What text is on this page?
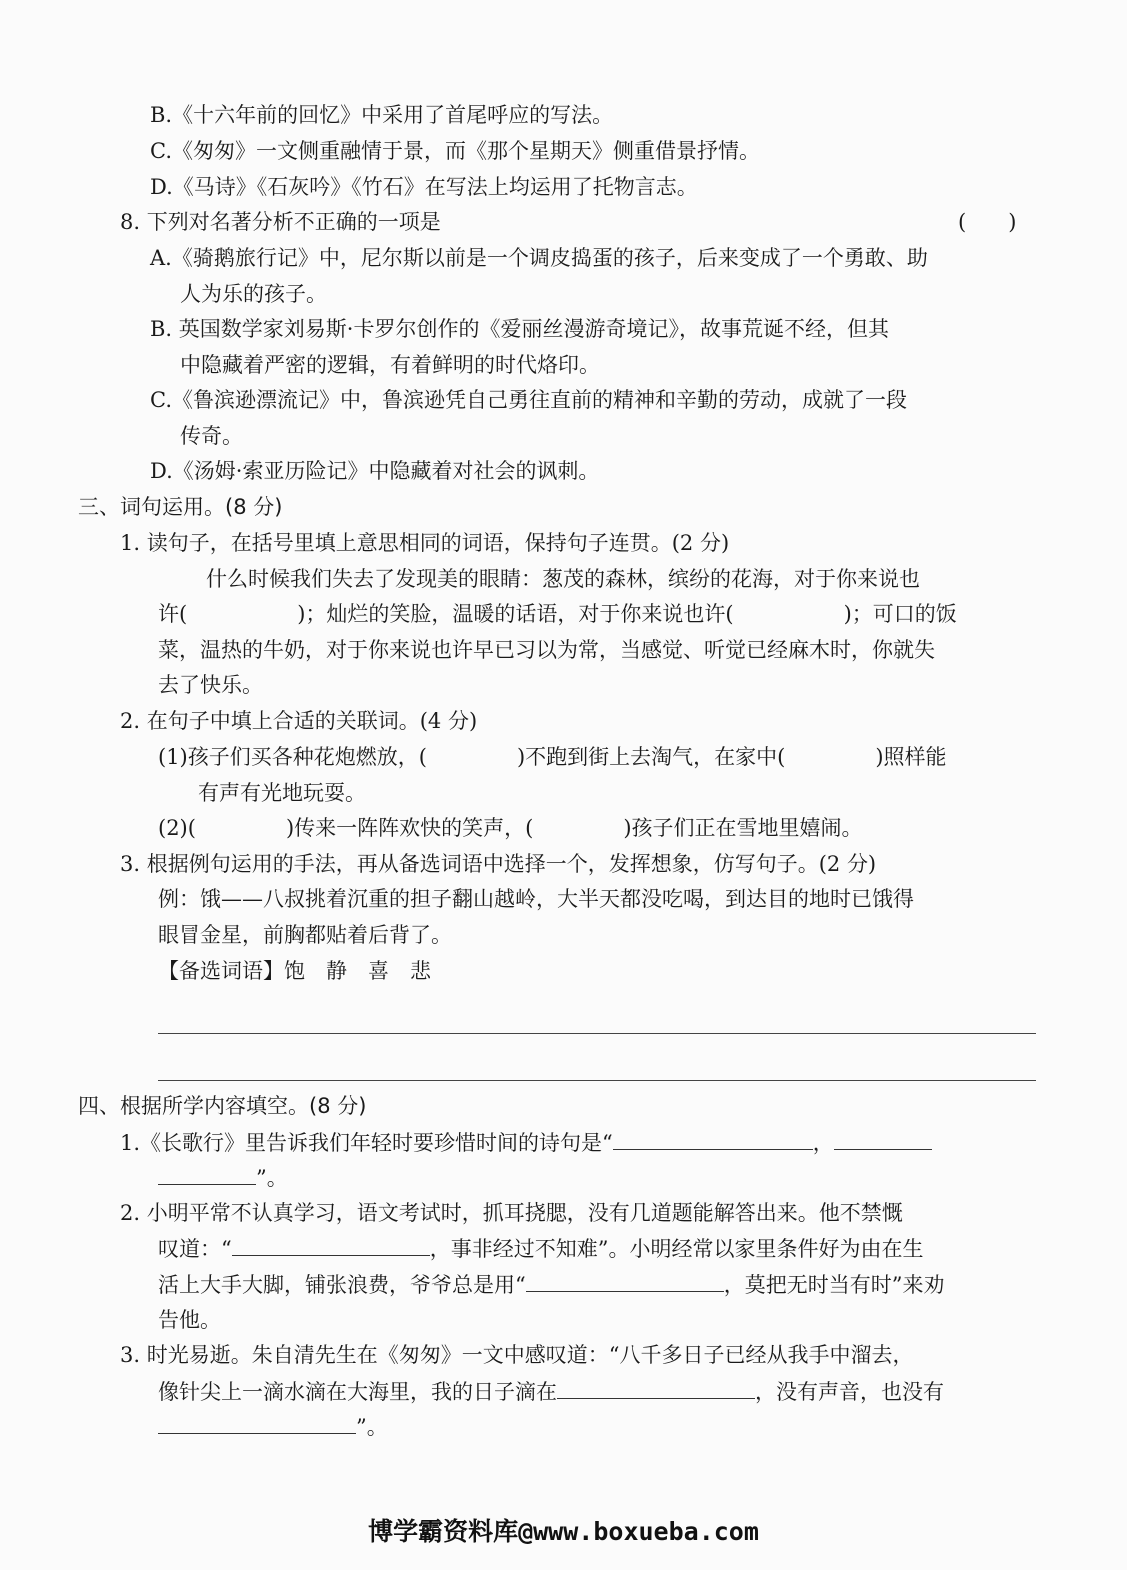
B.《十六年前的回忆》中采用了首尾呼应的写法。
C.《匆匆》一文侧重融情于景，而《那个星期天》侧重借景抒情。
D.《马诗》《石灰吟》《竹石》在写法上均运用了托物言志。
8. 下列对名著分析不正确的一项是	(　　)
A.《骑鹅旅行记》中，尼尔斯以前是一个调皮捣蛋的孩子，后来变成了一个勇敢、助
人为乐的孩子。
B. 英国数学家刘易斯·卡罗尔创作的《爱丽丝漫游奇境记》，故事荒诞不经，但其
中隐藏着严密的逻辑，有着鲜明的时代烙印。
C.《鲁滨逊漂流记》中，鲁滨逊凭自己勇往直前的精神和辛勤的劳动，成就了一段
传奇。
D.《汤姆·索亚历险记》中隐藏着对社会的讽刺。
三、词句运用。(8 分)
1. 读句子，在括号里填上意思相同的词语，保持句子连贯。(2 分)
什么时候我们失去了发现美的眼睛：葱茂的森林，缤纷的花海，对于你来说也
许(	)；灿烂的笑脸，温暖的话语，对于你来说也许(	)；可口的饭
菜，温热的牛奶，对于你来说也许早已习以为常，当感觉、听觉已经麻木时，你就失
去了快乐。
2. 在句子中填上合适的关联词。(4 分)
(1)孩子们买各种花炮燃放，(	)不跑到街上去淘气，在家中(	)照样能
有声有光地玩耍。
(2)(	)传来一阵阵欢快的笑声，(	)孩子们正在雪地里嬉闹。
3. 根据例句运用的手法，再从备选词语中选择一个，发挥想象，仿写句子。(2 分)
例：饿——八叔挑着沉重的担子翻山越岭，大半天都没吃喝，到达目的地时已饿得
眼冒金星，前胸都贴着后背了。
【备选词语】饱　静　喜　悲
四、根据所学内容填空。(8 分)
1.《长歌行》里告诉我们年轻时要珍惜时间的诗句是“	，
”。
2. 小明平常不认真学习，语文考试时，抓耳挠腮，没有几道题能解答出来。他不禁慨
叹道：“	，事非经过不知难”。小明经常以家里条件好为由在生
活上大手大脚，铺张浪费，爷爷总是用“	，莫把无时当有时”来劝
告他。
3. 时光易逝。朱自清先生在《匆匆》一文中感叹道：“八千多日子已经从我手中溜去，
像针尖上一滴水滴在大海里，我的日子滴在	，没有声音，也没有
”。
博学霸资料库@www.boxueba.com
